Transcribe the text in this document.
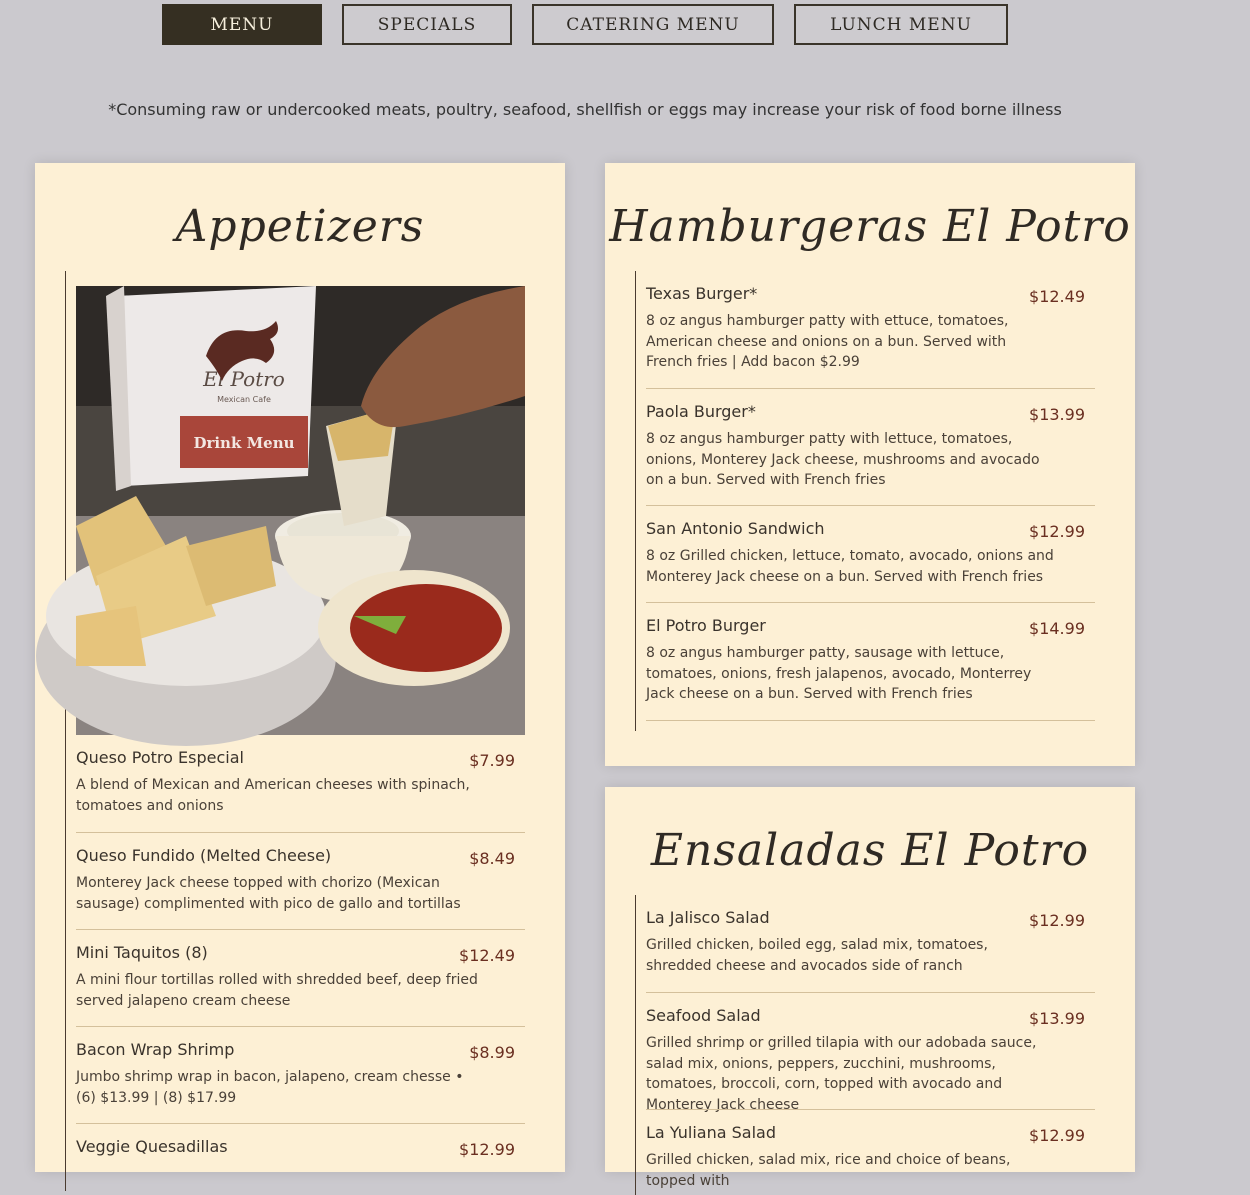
MENU	SPECIALS	CATERING MENU	LUNCH MENU
*Consuming raw or undercooked meats, poultry, seafood, shellfish or eggs may increase your risk of food borne illness
Appetizers
El Potro
Mexican Cafe
Drink Menu
Queso Potro Especial	$7.99
A blend of Mexican and American cheeses with spinach, tomatoes and onions
Queso Fundido (Melted Cheese)	$8.49
Monterey Jack cheese topped with chorizo (Mexican sausage) complimented with pico de gallo and tortillas
Mini Taquitos (8)	$12.49
A mini flour tortillas rolled with shredded beef, deep fried served jalapeno cream cheese
Bacon Wrap Shrimp	$8.99
Jumbo shrimp wrap in bacon, jalapeno, cream chesse • (6) $13.99 | (8) $17.99
Veggie Quesadillas	$12.99
Hamburgeras El Potro
Texas Burger*	$12.49
8 oz angus hamburger patty with ettuce, tomatoes, American cheese and onions on a bun. Served with French fries | Add bacon $2.99
Paola Burger*	$13.99
8 oz angus hamburger patty with lettuce, tomatoes, onions, Monterey Jack cheese, mushrooms and avocado on a bun. Served with French fries
San Antonio Sandwich	$12.99
8 oz Grilled chicken, lettuce, tomato, avocado, onions and Monterey Jack cheese on a bun. Served with French fries
El Potro Burger	$14.99
8 oz angus hamburger patty, sausage with lettuce, tomatoes, onions, fresh jalapenos, avocado, Monterrey Jack cheese on a bun. Served with French fries
Ensaladas El Potro
La Jalisco Salad	$12.99
Grilled chicken, boiled egg, salad mix, tomatoes, shredded cheese and avocados side of ranch
Seafood Salad	$13.99
Grilled shrimp or grilled tilapia with our adobada sauce, salad mix, onions, peppers, zucchini, mushrooms, tomatoes, broccoli, corn, topped with avocado and Monterey Jack cheese
La Yuliana Salad	$12.99
Grilled chicken, salad mix, rice and choice of beans, topped with
